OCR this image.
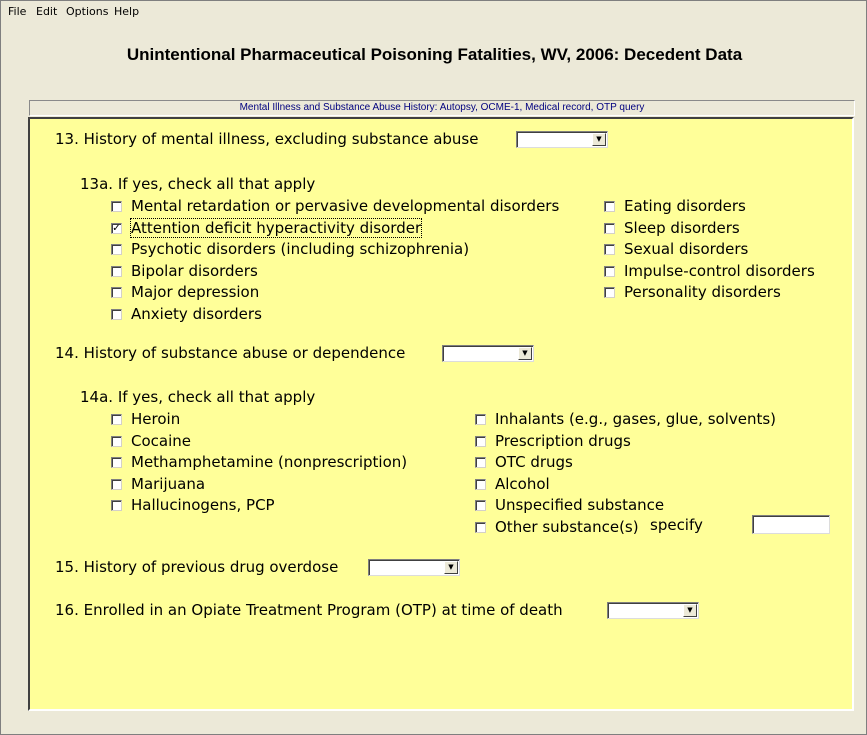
File Edit Options Help
Unintentional Pharmaceutical Poisoning Fatalities, WV, 2006: Decedent Data
Mental Illness and Substance Abuse History: Autopsy, OCME-1, Medical record, OTP query
13. History of mental illness, excluding substance abuse	▼
13a. If yes, check all that apply
Mental retardation or pervasive developmental disorders
✓ Attention deficit hyperactivity disorder
Psychotic disorders (including schizophrenia)
Bipolar disorders
Major depression
Anxiety disorders
Eating disorders
Sleep disorders
Sexual disorders
Impulse-control disorders
Personality disorders
14. History of substance abuse or dependence	▼
14a. If yes, check all that apply
Heroin
Cocaine
Methamphetamine (nonprescription)
Marijuana
Hallucinogens, PCP
Inhalants (e.g., gases, glue, solvents)
Prescription drugs
OTC drugs
Alcohol
Unspecified substance
Other substance(s) specify
15. History of previous drug overdose	▼
16. Enrolled in an Opiate Treatment Program (OTP) at time of death	▼
